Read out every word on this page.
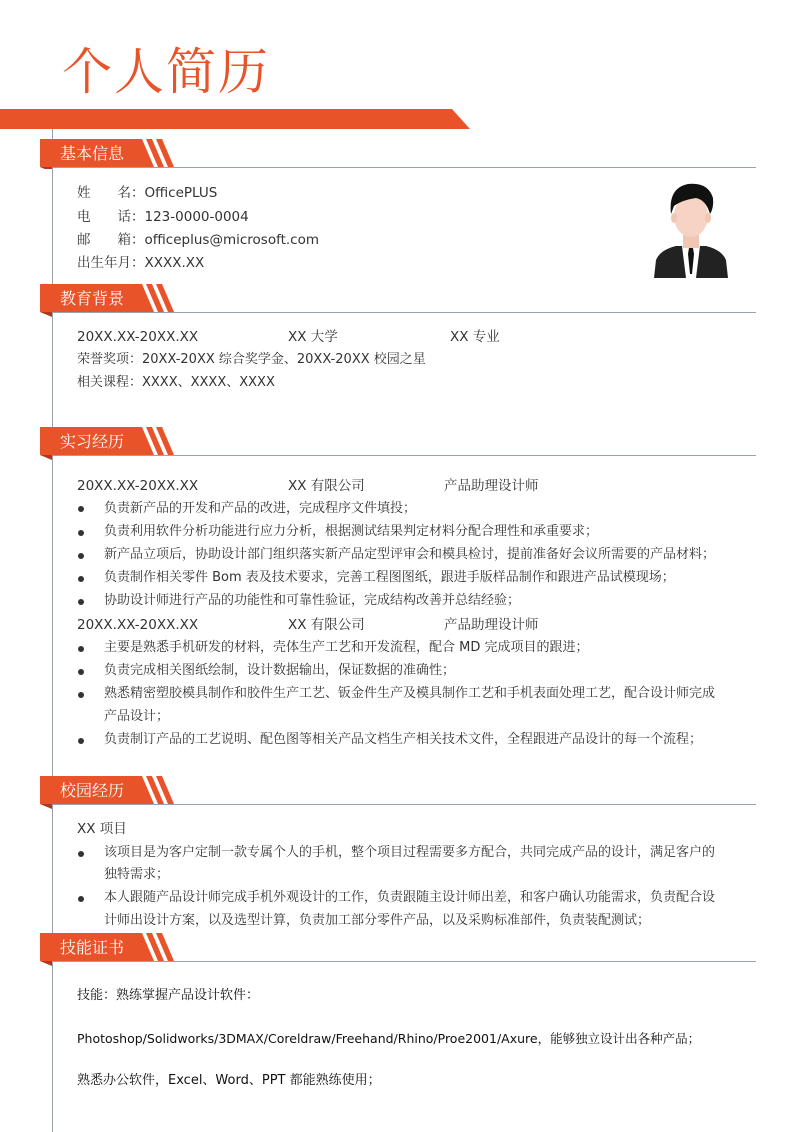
个人简历
基本信息
姓　　名：OfficePLUS
电　　话：123-0000-0004
邮　　箱：officeplus@microsoft.com
出生年月：XXXX.XX
教育背景
20XX.XX-20XX.XX	XX 大学	XX 专业
荣誉奖项：20XX-20XX 综合奖学金、20XX-20XX 校园之星
相关课程：XXXX、XXXX、XXXX
实习经历
20XX.XX-20XX.XX	XX 有限公司	产品助理设计师
负责新产品的开发和产品的改进，完成程序文件填投；
负责利用软件分析功能进行应力分析，根据测试结果判定材料分配合理性和承重要求；
新产品立项后，协助设计部门组织落实新产品定型评审会和模具检讨，提前准备好会议所需要的产品材料；
负责制作相关零件 Bom 表及技术要求，完善工程图图纸，跟进手版样品制作和跟进产品试模现场；
协助设计师进行产品的功能性和可靠性验证，完成结构改善并总结经验；
20XX.XX-20XX.XX	XX 有限公司	产品助理设计师
主要是熟悉手机研发的材料，壳体生产工艺和开发流程，配合 MD 完成项目的跟进；
负责完成相关图纸绘制，设计数据输出，保证数据的准确性；
熟悉精密塑胶模具制作和胶件生产工艺、钣金件生产及模具制作工艺和手机表面处理工艺，配合设计师完成
产品设计；
负责制订产品的工艺说明、配色图等相关产品文档生产相关技术文件，全程跟进产品设计的每一个流程；
校园经历
XX 项目
该项目是为客户定制一款专属个人的手机，整个项目过程需要多方配合，共同完成产品的设计，满足客户的
独特需求；
本人跟随产品设计师完成手机外观设计的工作，负责跟随主设计师出差，和客户确认功能需求，负责配合设
计师出设计方案，以及选型计算，负责加工部分零件产品，以及采购标准部件，负责装配测试；
技能证书
技能：熟练掌握产品设计软件：
Photoshop/Solidworks/3DMAX/Coreldraw/Freehand/Rhino/Proe2001/Axure，能够独立设计出各种产品；
熟悉办公软件，Excel、Word、PPT 都能熟练使用；
